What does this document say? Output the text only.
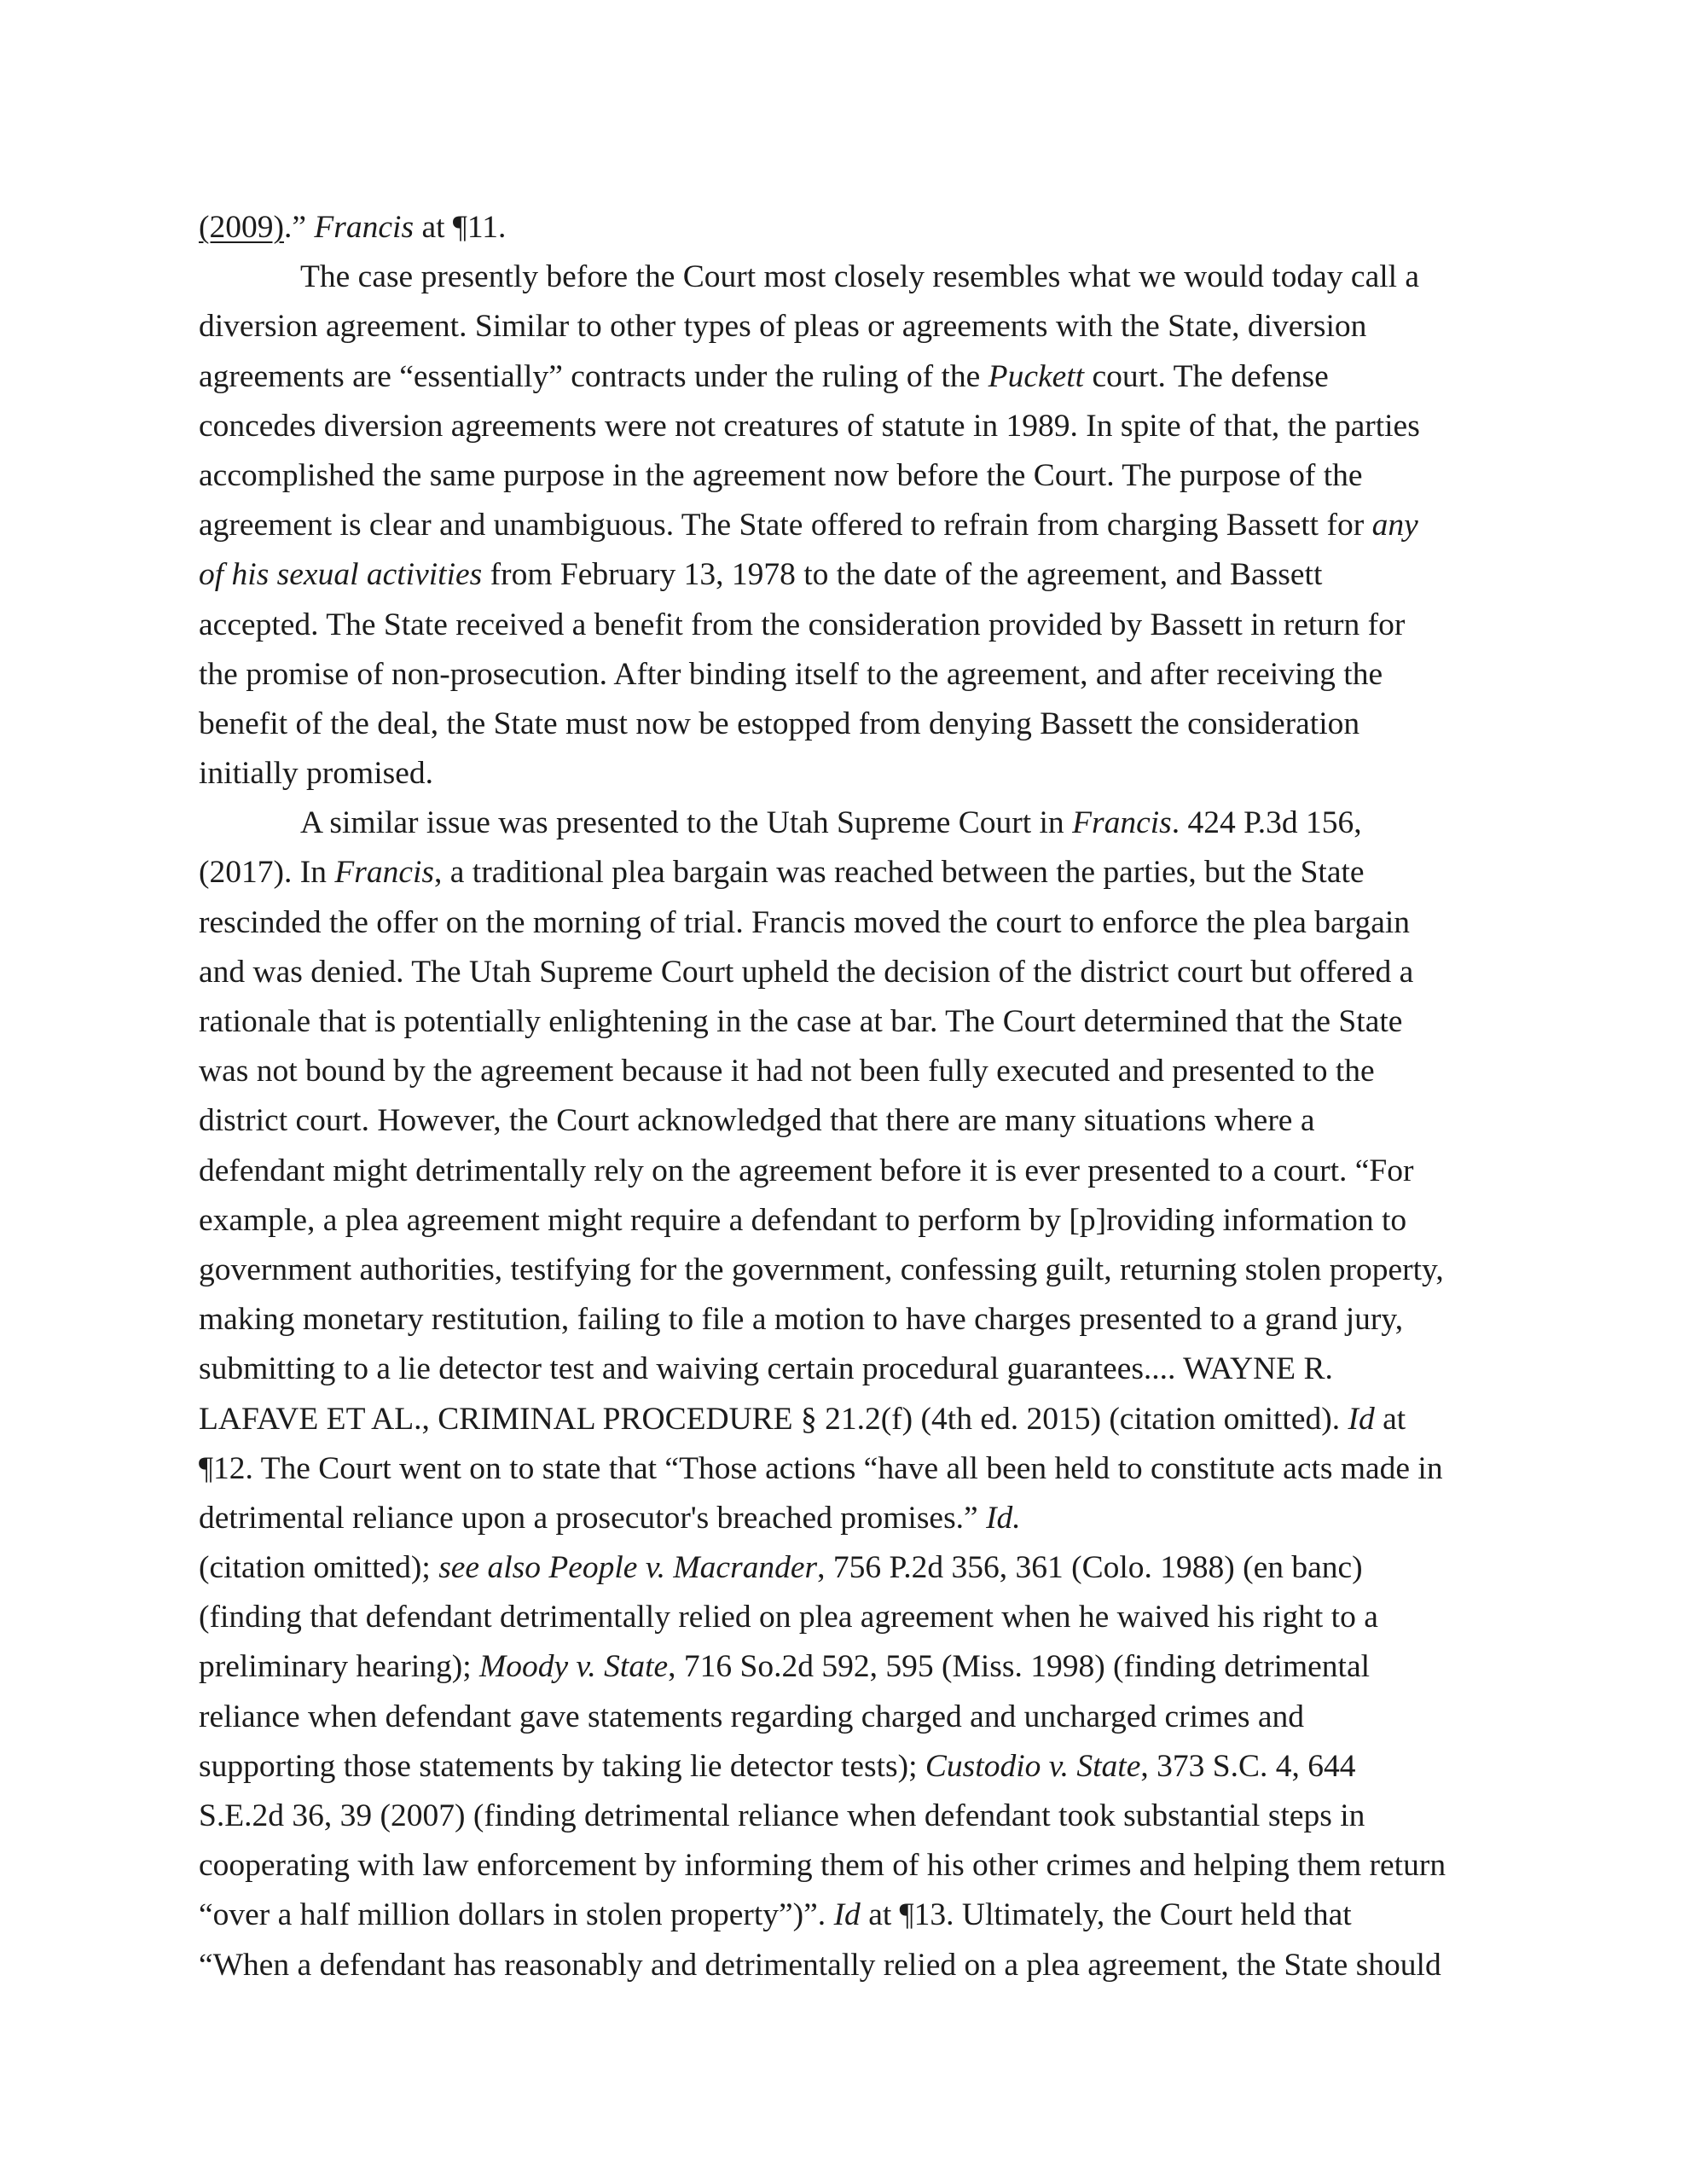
(2009).” Francis at ¶11.
The case presently before the Court most closely resembles what we would today call a
diversion agreement. Similar to other types of pleas or agreements with the State, diversion
agreements are “essentially” contracts under the ruling of the Puckett court. The defense
concedes diversion agreements were not creatures of statute in 1989. In spite of that, the parties
accomplished the same purpose in the agreement now before the Court. The purpose of the
agreement is clear and unambiguous. The State offered to refrain from charging Bassett for any
of his sexual activities from February 13, 1978 to the date of the agreement, and Bassett
accepted. The State received a benefit from the consideration provided by Bassett in return for
the promise of non-prosecution. After binding itself to the agreement, and after receiving the
benefit of the deal, the State must now be estopped from denying Bassett the consideration
initially promised.
A similar issue was presented to the Utah Supreme Court in Francis. 424 P.3d 156,
(2017). In Francis, a traditional plea bargain was reached between the parties, but the State
rescinded the offer on the morning of trial. Francis moved the court to enforce the plea bargain
and was denied. The Utah Supreme Court upheld the decision of the district court but offered a
rationale that is potentially enlightening in the case at bar. The Court determined that the State
was not bound by the agreement because it had not been fully executed and presented to the
district court. However, the Court acknowledged that there are many situations where a
defendant might detrimentally rely on the agreement before it is ever presented to a court. “For
example, a plea agreement might require a defendant to perform by [p]roviding information to
government authorities, testifying for the government, confessing guilt, returning stolen property,
making monetary restitution, failing to file a motion to have charges presented to a grand jury,
submitting to a lie detector test and waiving certain procedural guarantees.... WAYNE R.
LAFAVE ET AL., CRIMINAL PROCEDURE § 21.2(f) (4th ed. 2015) (citation omitted). Id at
¶12. The Court went on to state that “Those actions “have all been held to constitute acts made in
detrimental reliance upon a prosecutor's breached promises.” Id.
(citation omitted); see also People v. Macrander, 756 P.2d 356, 361 (Colo. 1988) (en banc)
(finding that defendant detrimentally relied on plea agreement when he waived his right to a
preliminary hearing); Moody v. State, 716 So.2d 592, 595 (Miss. 1998) (finding detrimental
reliance when defendant gave statements regarding charged and uncharged crimes and
supporting those statements by taking lie detector tests); Custodio v. State, 373 S.C. 4, 644
S.E.2d 36, 39 (2007) (finding detrimental reliance when defendant took substantial steps in
cooperating with law enforcement by informing them of his other crimes and helping them return
“over a half million dollars in stolen property”)”. Id at ¶13. Ultimately, the Court held that
“When a defendant has reasonably and detrimentally relied on a plea agreement, the State should
